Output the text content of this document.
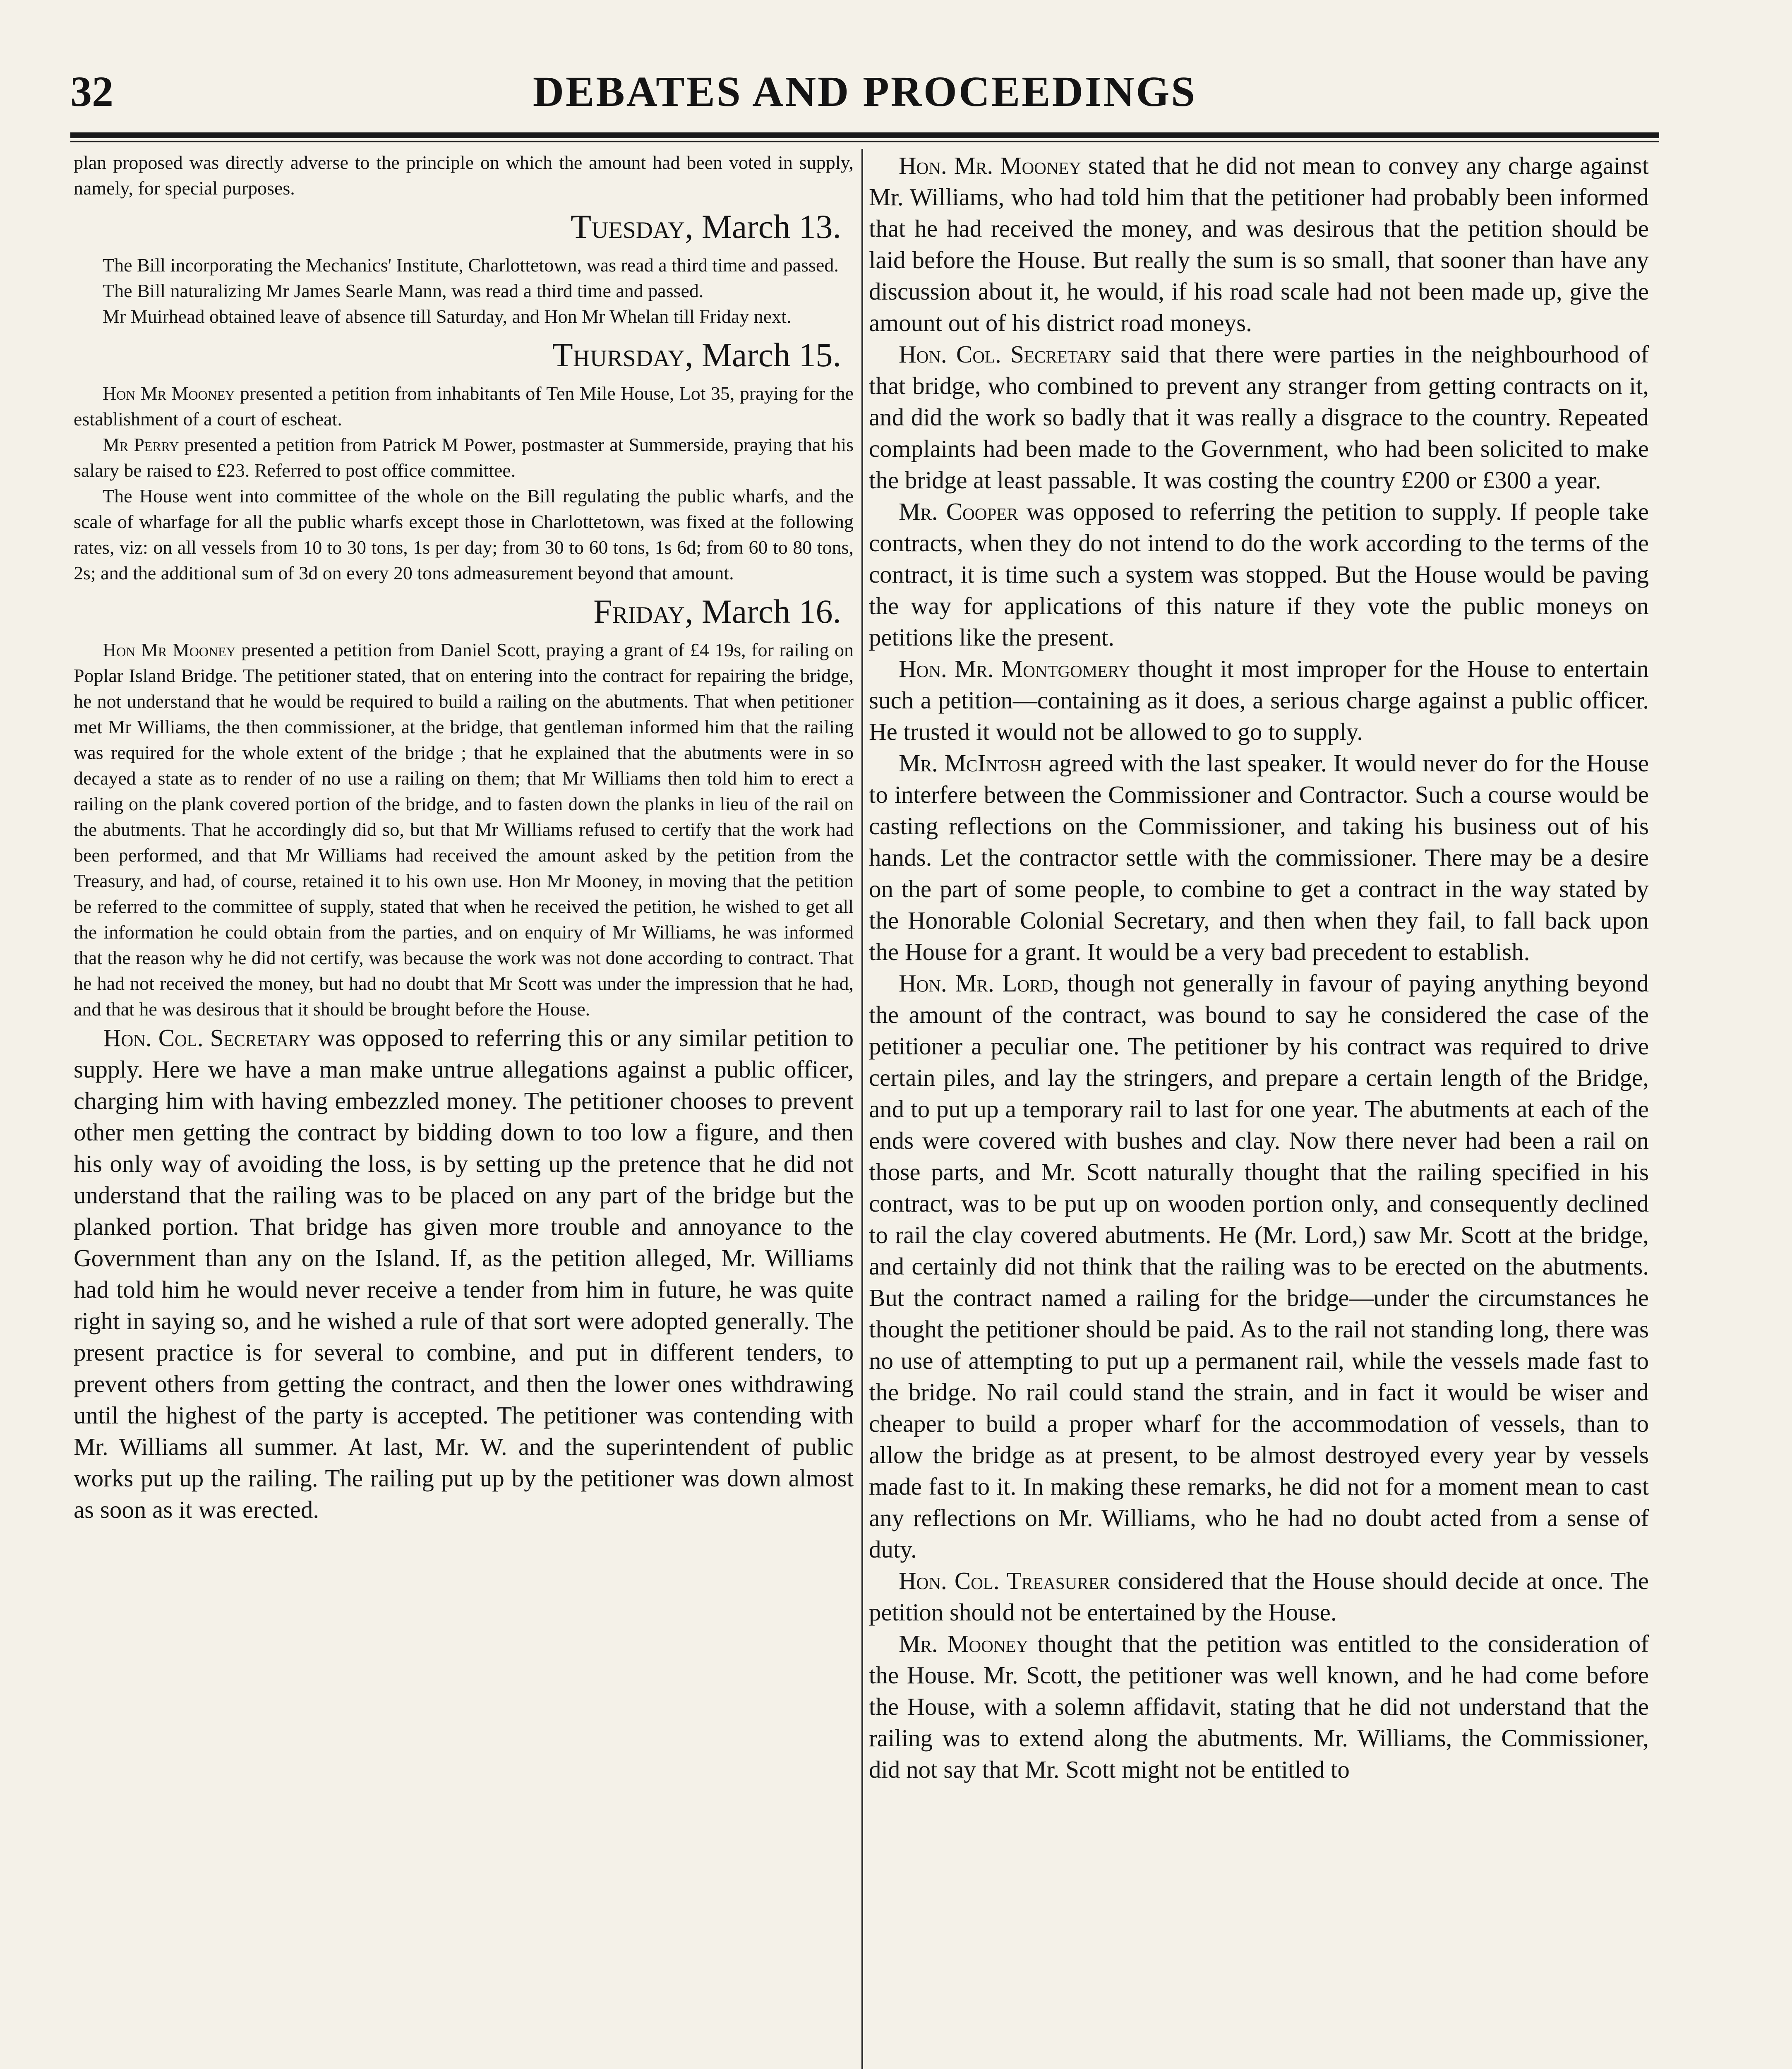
32	DEBATES AND PROCEEDINGS

plan proposed was directly adverse to the principle on which the amount had been voted in supply, namely, for special purposes.

Tuesday, March 13.

The Bill incorporating the Mechanics' Institute, Charlottetown, was read a third time and passed.

The Bill naturalizing Mr James Searle Mann, was read a third time and passed.

Mr Muirhead obtained leave of absence till Saturday, and Hon Mr Whelan till Friday next.

Thursday, March 15.

Hon Mr Mooney presented a petition from inhabitants of Ten Mile House, Lot 35, praying for the establishment of a court of escheat.

Mr Perry presented a petition from Patrick M Power, postmaster at Summerside, praying that his salary be raised to £23. Referred to post office committee.

The House went into committee of the whole on the Bill regulating the public wharfs, and the scale of wharfage for all the public wharfs except those in Charlottetown, was fixed at the following rates, viz: on all vessels from 10 to 30 tons, 1s per day; from 30 to 60 tons, 1s 6d; from 60 to 80 tons, 2s; and the additional sum of 3d on every 20 tons admeasurement beyond that amount.

Friday, March 16.

Hon Mr Mooney presented a petition from Daniel Scott, praying a grant of £4 19s, for railing on Poplar Island Bridge. The petitioner stated, that on entering into the contract for repairing the bridge, he not understand that he would be required to build a railing on the abutments. That when petitioner met Mr Williams, the then commissioner, at the bridge, that gentleman informed him that the railing was required for the whole extent of the bridge ; that he explained that the abutments were in so decayed a state as to render of no use a railing on them; that Mr Williams then told him to erect a railing on the plank covered portion of the bridge, and to fasten down the planks in lieu of the rail on the abutments. That he accordingly did so, but that Mr Williams refused to certify that the work had been performed, and that Mr Williams had received the amount asked by the petition from the Treasury, and had, of course, retained it to his own use. Hon Mr Mooney, in moving that the petition be referred to the committee of supply, stated that when he received the petition, he wished to get all the information he could obtain from the parties, and on enquiry of Mr Williams, he was informed that the reason why he did not certify, was because the work was not done according to contract. That he had not received the money, but had no doubt that Mr Scott was under the impression that he had, and that he was desirous that it should be brought before the House.

Hon. Col. Secretary was opposed to referring this or any similar petition to supply. Here we have a man make untrue allegations against a public officer, charging him with having embezzled money. The petitioner chooses to prevent other men getting the contract by bidding down to too low a figure, and then his only way of avoiding the loss, is by setting up the pretence that he did not understand that the railing was to be placed on any part of the bridge but the planked portion. That bridge has given more trouble and annoyance to the Government than any on the Island. If, as the petition alleged, Mr. Williams had told him he would never receive a tender from him in future, he was quite right in saying so, and he wished a rule of that sort were adopted generally. The present practice is for several to combine, and put in different tenders, to prevent others from getting the contract, and then the lower ones withdrawing until the highest of the party is accepted. The petitioner was contending with Mr. Williams all summer. At last, Mr. W. and the superintendent of public works put up the railing. The railing put up by the petitioner was down almost as soon as it was erected.

Hon. Mr. Mooney stated that he did not mean to convey any charge against Mr. Williams, who had told him that the petitioner had probably been informed that he had received the money, and was desirous that the petition should be laid before the House. But really the sum is so small, that sooner than have any discussion about it, he would, if his road scale had not been made up, give the amount out of his district road moneys.

Hon. Col. Secretary said that there were parties in the neighbourhood of that bridge, who combined to prevent any stranger from getting contracts on it, and did the work so badly that it was really a disgrace to the country. Repeated complaints had been made to the Government, who had been solicited to make the bridge at least passable. It was costing the country £200 or £300 a year.

Mr. Cooper was opposed to referring the petition to supply. If people take contracts, when they do not intend to do the work according to the terms of the contract, it is time such a system was stopped. But the House would be paving the way for applications of this nature if they vote the public moneys on petitions like the present.

Hon. Mr. Montgomery thought it most improper for the House to entertain such a petition—containing as it does, a serious charge against a public officer. He trusted it would not be allowed to go to supply.

Mr. McIntosh agreed with the last speaker. It would never do for the House to interfere between the Commissioner and Contractor. Such a course would be casting reflections on the Commissioner, and taking his business out of his hands. Let the contractor settle with the commissioner. There may be a desire on the part of some people, to combine to get a contract in the way stated by the Honorable Colonial Secretary, and then when they fail, to fall back upon the House for a grant. It would be a very bad precedent to establish.

Hon. Mr. Lord, though not generally in favour of paying anything beyond the amount of the contract, was bound to say he considered the case of the petitioner a peculiar one. The petitioner by his contract was required to drive certain piles, and lay the stringers, and prepare a certain length of the Bridge, and to put up a temporary rail to last for one year. The abutments at each of the ends were covered with bushes and clay. Now there never had been a rail on those parts, and Mr. Scott naturally thought that the railing specified in his contract, was to be put up on wooden portion only, and consequently declined to rail the clay covered abutments. He (Mr. Lord,) saw Mr. Scott at the bridge, and certainly did not think that the railing was to be erected on the abutments. But the contract named a railing for the bridge—under the circumstances he thought the petitioner should be paid. As to the rail not standing long, there was no use of attempting to put up a permanent rail, while the vessels made fast to the bridge. No rail could stand the strain, and in fact it would be wiser and cheaper to build a proper wharf for the accommodation of vessels, than to allow the bridge as at present, to be almost destroyed every year by vessels made fast to it. In making these remarks, he did not for a moment mean to cast any reflections on Mr. Williams, who he had no doubt acted from a sense of duty.

Hon. Col. Treasurer considered that the House should decide at once. The petition should not be entertained by the House.

Mr. Mooney thought that the petition was entitled to the consideration of the House. Mr. Scott, the petitioner was well known, and he had come before the House, with a solemn affidavit, stating that he did not understand that the railing was to extend along the abutments. Mr. Williams, the Commissioner, did not say that Mr. Scott might not be entitled to
